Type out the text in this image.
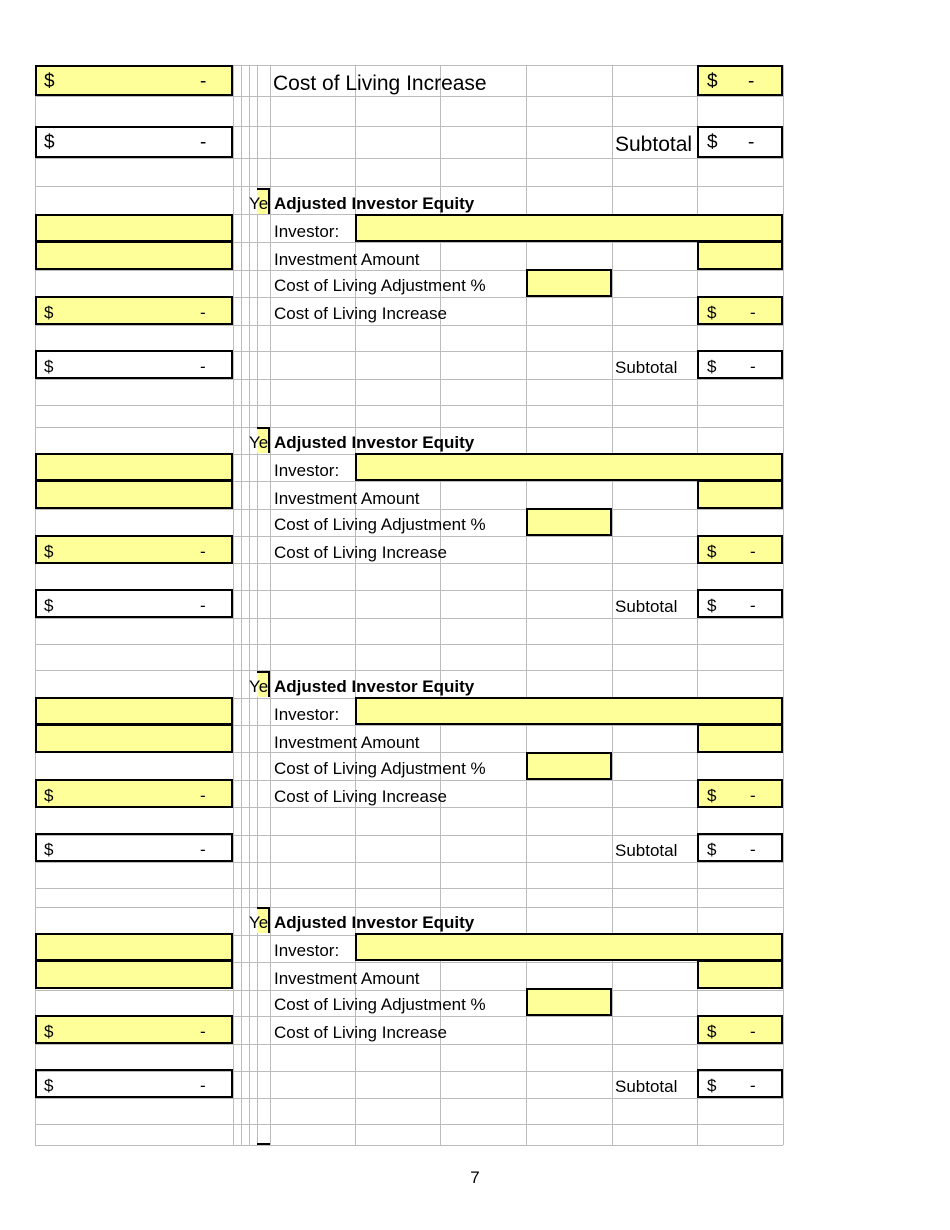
$	-	Cost of Living Increase	$ -
$	-	Subtotal $ -
Ye Adjusted Investor Equity
Investor:
Investment Amount
Cost of Living Adjustment %
$	-	Cost of Living Increase	$ -
$	-	Subtotal $ -
Ye Adjusted Investor Equity
Investor:
Investment Amount
Cost of Living Adjustment %
$	-	Cost of Living Increase	$ -
$	-	Subtotal $ -
Ye Adjusted Investor Equity
Investor:
Investment Amount
Cost of Living Adjustment %
$	-	Cost of Living Increase	$ -
$	-	Subtotal $ -
Ye Adjusted Investor Equity
Investor:
Investment Amount
Cost of Living Adjustment %
$	-	Cost of Living Increase	$ -
$	-	Subtotal $ -
7
